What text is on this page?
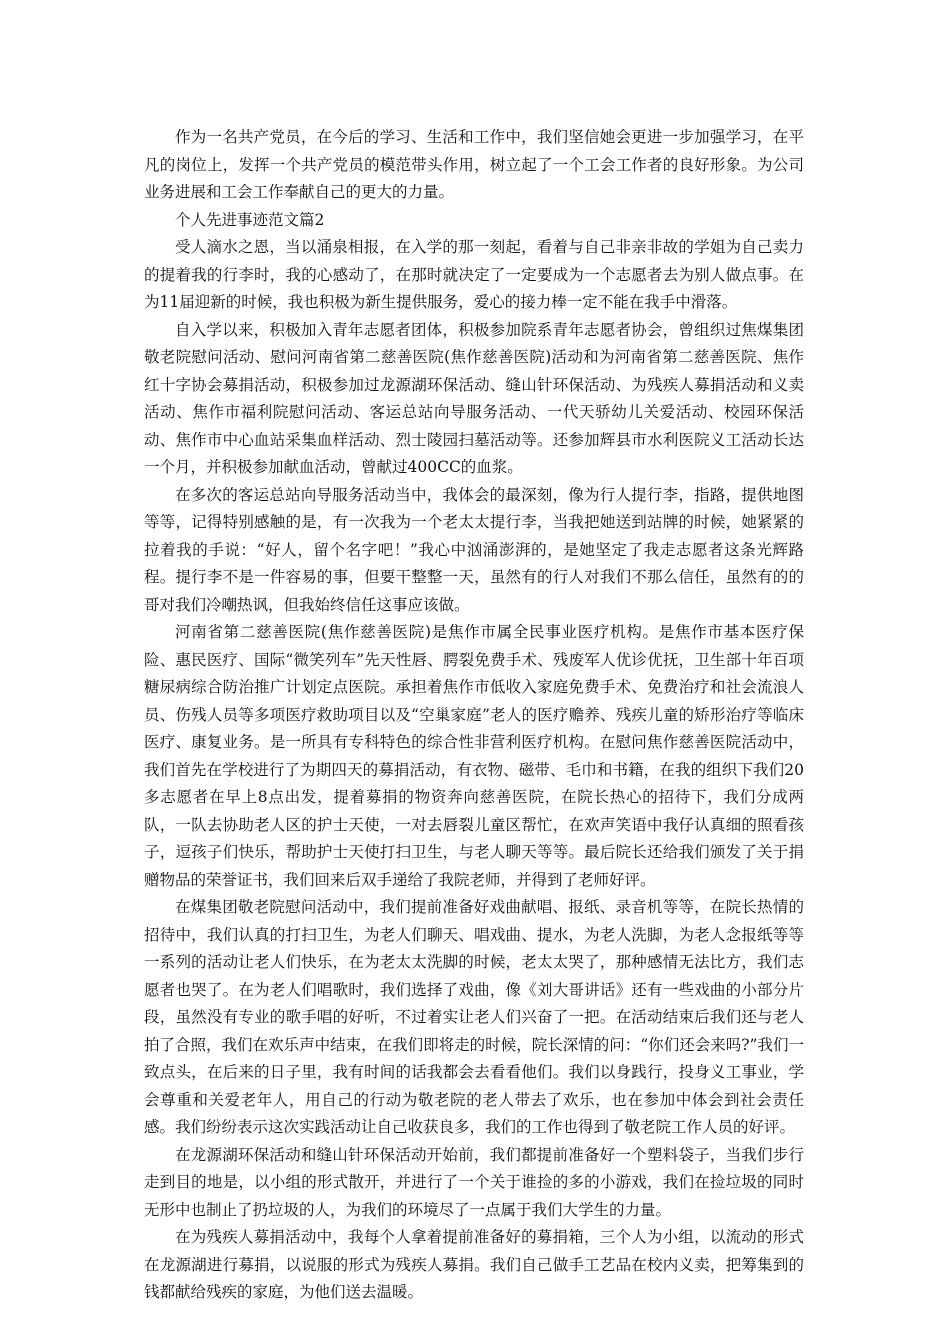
作为一名共产党员，在今后的学习、生活和工作中，我们坚信她会更进一步加强学习，在平凡的岗位上，发挥一个共产党员的模范带头作用，树立起了一个工会工作者的良好形象。为公司业务进展和工会工作奉献自己的更大的力量。

个人先进事迹范文篇2

受人滴水之恩，当以涌泉相报，在入学的那一刻起，看着与自己非亲非故的学姐为自己卖力的提着我的行李时，我的心感动了，在那时就决定了一定要成为一个志愿者去为别人做点事。在为11届迎新的时候，我也积极为新生提供服务，爱心的接力棒一定不能在我手中滑落。

自入学以来，积极加入青年志愿者团体，积极参加院系青年志愿者协会，曾组织过焦煤集团敬老院慰问活动、慰问河南省第二慈善医院(焦作慈善医院)活动和为河南省第二慈善医院、焦作红十字协会募捐活动，积极参加过龙源湖环保活动、缝山针环保活动、为残疾人募捐活动和义卖活动、焦作市福利院慰问活动、客运总站向导服务活动、一代天骄幼儿关爱活动、校园环保活动、焦作市中心血站采集血样活动、烈士陵园扫墓活动等。还参加辉县市水利医院义工活动长达一个月，并积极参加献血活动，曾献过400CC的血浆。

在多次的客运总站向导服务活动当中，我体会的最深刻，像为行人提行李，指路，提供地图等等，记得特别感触的是，有一次我为一个老太太提行李，当我把她送到站牌的时候，她紧紧的拉着我的手说：“好人，留个名字吧！”我心中汹涌澎湃的，是她坚定了我走志愿者这条光辉路程。提行李不是一件容易的事，但要干整整一天，虽然有的行人对我们不那么信任，虽然有的的哥对我们冷嘲热讽，但我始终信任这事应该做。

河南省第二慈善医院(焦作慈善医院)是焦作市属全民事业医疗机构。是焦作市基本医疗保险、惠民医疗、国际“微笑列车”先天性唇、腭裂免费手术、残废军人优诊优抚，卫生部十年百项糖尿病综合防治推广计划定点医院。承担着焦作市低收入家庭免费手术、免费治疗和社会流浪人员、伤残人员等多项医疗救助项目以及“空巢家庭”老人的医疗赡养、残疾儿童的矫形治疗等临床医疗、康复业务。是一所具有专科特色的综合性非营利医疗机构。在慰问焦作慈善医院活动中，我们首先在学校进行了为期四天的募捐活动，有衣物、磁带、毛巾和书籍，在我的组织下我们20多志愿者在早上8点出发，提着募捐的物资奔向慈善医院，在院长热心的招待下，我们分成两队，一队去协助老人区的护士天使，一对去唇裂儿童区帮忙，在欢声笑语中我仔认真细的照看孩子，逗孩子们快乐，帮助护士天使打扫卫生，与老人聊天等等。最后院长还给我们颁发了关于捐赠物品的荣誉证书，我们回来后双手递给了我院老师，并得到了老师好评。

在煤集团敬老院慰问活动中，我们提前准备好戏曲献唱、报纸、录音机等等，在院长热情的招待中，我们认真的打扫卫生，为老人们聊天、唱戏曲、提水，为老人洗脚，为老人念报纸等等一系列的活动让老人们快乐，在为老太太洗脚的时候，老太太哭了，那种感情无法比方，我们志愿者也哭了。在为老人们唱歌时，我们选择了戏曲，像《刘大哥讲话》还有一些戏曲的小部分片段，虽然没有专业的歌手唱的好听，不过着实让老人们兴奋了一把。在活动结束后我们还与老人拍了合照，我们在欢乐声中结束，在我们即将走的时候，院长深情的问：“你们还会来吗?”我们一致点头，在后来的日子里，我有时间的话我都会去看看他们。我们以身践行，投身义工事业，学会尊重和关爱老年人，用自己的行动为敬老院的老人带去了欢乐，也在参加中体会到社会责任感。我们纷纷表示这次实践活动让自己收获良多，我们的工作也得到了敬老院工作人员的好评。

在龙源湖环保活动和缝山针环保活动开始前，我们都提前准备好一个塑料袋子，当我们步行走到目的地是，以小组的形式散开，并进行了一个关于谁捡的多的小游戏，我们在捡垃圾的同时无形中也制止了扔垃圾的人，为我们的环境尽了一点属于我们大学生的力量。

在为残疾人募捐活动中，我每个人拿着提前准备好的募捐箱，三个人为小组，以流动的形式在龙源湖进行募捐，以说服的形式为残疾人募捐。我们自己做手工艺品在校内义卖，把筹集到的钱都献给残疾的家庭，为他们送去温暖。
